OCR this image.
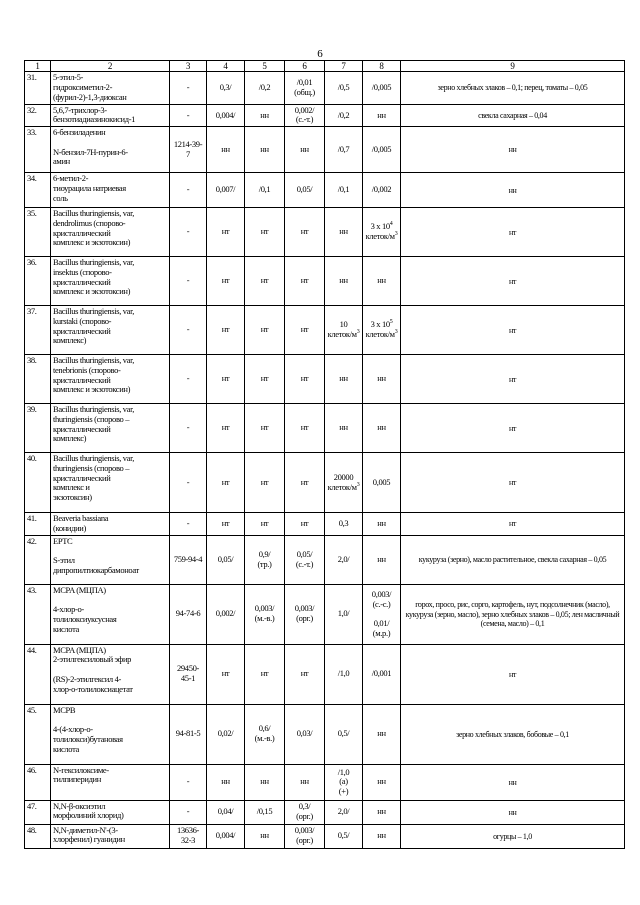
6
1	2	3	4	5	6	7	8	9
31.	5-этил-5-
гидроксиметил-2-
(фурил-2)-1,3-диоксан	-	0,3/	/0,2	/0,01
(общ.)	/0,5	/0,005	зерно хлебных злаков – 0,1; перец, томаты – 0,05
32.	5,6,7-трихлор-3-
бензотиадиазинокисид-1	-	0,004/	нн	0,002/
(с.-т.)	/0,2	нн	свекла сахарная – 0,04
33.	6-бензиладенин

N-бензил-7Н-пурин-6-
амин	1214-39-
7	нн	нн	нн	/0,7	/0,005	нн
34.	6-метил-2-
тиоурацила натриевая
соль	-	0,007/	/0,1	0,05/	/0,1	/0,002	нн
35.	Bacillus thuringiensis, var,
dendrolimus (спорово-
кристаллический
комплекс и экзотоксин)	-	нт	нт	нт	нн	3 x $10^4$
клеток/$м^3$	нт
36.	Bacillus thuringiensis, var,
insektus (спорово-
кристаллический
комплекс и экзотоксин)	-	нт	нт	нт	нн	нн	нт
37.	Bacillus thuringiensis, var,
kurstaki (спорово-
кристаллический
комплекс)	-	нт	нт	нт	10
клеток/$м^3$	3 x $10^5$
клеток/$м^3$	нт
38.	Bacillus thuringiensis, var,
tenebrionis (спорово-
кристаллический
комплекс и экзотоксин)	-	нт	нт	нт	нн	нн	нт
39.	Bacillus thuringiensis, var,
thuringiensis (спорово –
кристаллический
комплекс)	-	нт	нт	нт	нн	нн	нт
40.	Bacillus thuringiensis, var,
thuringiensis (спорово –
кристаллический
комплекс и
экзотоксин)	-	нт	нт	нт	20000
клеток/$м^3$	0,005	нт
41.	Beaveria bassiana
(конидии)	-	нт	нт	нт	0,3	нн	нт
42.	EPTC

S-этил
дипропилтиокарбамоноат	759-94-4	0,05/	0,9/
(тр.)	0,05/
(с.-т.)	2,0/	нн	кукуруза (зерно), масло растительное, свекла сахарная – 0,05
43.	MCPA (МЦПА)

4-хлор-о-
толилоксиуксусная
кислота	94-74-6	0,002/	0,003/
(м.-в.)	0,003/
(орг.)	1,0/	0,003/
(с.-с.)

0,01/
(м.р.)	горох, просо, рис, сорго, картофель, нут, подсолнечник (масло), кукуруза (зерно, масло), зерно хлебных злаков – 0,05; лен масличный (семена, масло) – 0,1
44.	MCPA (МЦПА)
2-этилгексиловый эфир

(RS)-2-этилгексил 4-
хлор-о-толилоксиацетат	29450-
45-1	нт	нт	нт	/1,0	/0,001	нт
45.	MCPB

4-(4-хлор-о-
толилокси)бутановая
кислота	94-81-5	0,02/	0,6/
(м.-в.)	0,03/	0,5/	нн	зерно хлебных злаков, бобовые – 0,1
46.	N-гексилоксиме-
тилпиперидин	-	нн	нн	нн	/1,0
(а)
(+)	нн	нн
47.	N,N-β-оксиэтил
морфолиний хлорид)	-	0,04/	/0,15	0,3/
(орг.)	2,0/	нн	нн
48.	N,N-диметил-N'-(3-
хлорфенил) гуанидин	13636-
32-3	0,004/	нн	0,003/
(орг.)	0,5/	нн	огурцы – 1,0
